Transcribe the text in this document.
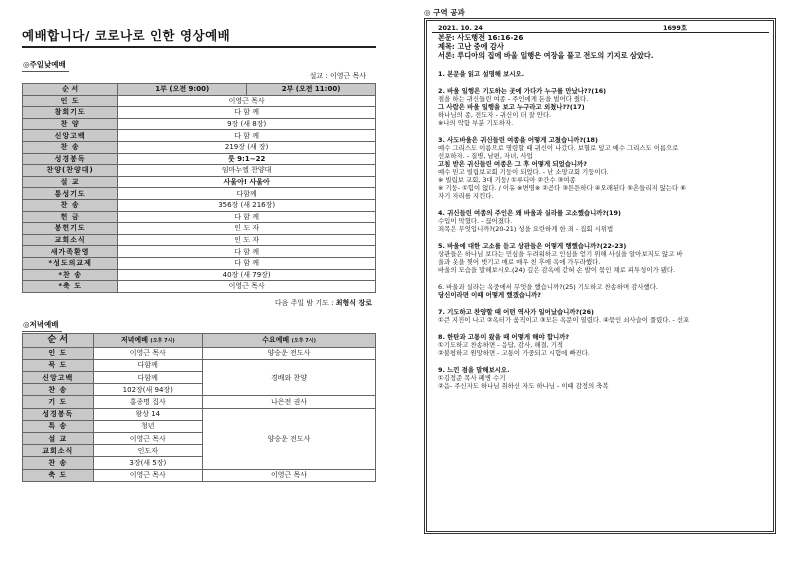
예배합니다/ 코로나로 인한 영상예배
◎주일낮예배
설교 : 이영근 목사
순 서	1부 (오전 9:00)	2부 (오전 11:00)
인 도	이영근 목사	
참회기도	다 함 께	
찬 양	9장 (새 8장)	
신앙고백	다 함 께	
찬 송	219장 (새 장)	
성경봉독	룻 9:1~22	
찬양(찬양대)	임마누엘 찬양대	
설 교	사울아! 사울아	
통성기도	다함께	
찬 송	356장 (새 216장)	
헌 금	다 함 께	
봉헌기도	인 도 자	
교회소식	인 도 자	
새가족환영	다 함 께	
*성도의교제	다 함 께	
*찬 송	40장 (새 79장)	
*축 도	이영근 목사	
다음 주일 밤 기도 : 최형식 장로
◎저녁예배
순 서	저녁예배 (오후 7시)	수요예배 (오후 7시)
인 도	이영근 목사	양승운 전도사
묵 도	다함께	경배와 찬양
신앙고백	다함께	
찬 송	102장(새 94장)	
기 도	홍종명 집사	나은전 권사
성경봉독	왕상 14	양승운 전도사
특 송	청년	
설 교	이영근 목사	
교회소식	인도자	
찬 송	3장(새 5장)	
축 도	이영근 목사	이영근 목사
◎ 구역 공과
2021. 10. 24	1699호
본문: 사도행전 16:16-26
제목: 고난 중에 감사
서론: 루디아의 집에 바울 일행은 여장을 풀고 전도의 기지로 삼았다.
1. 본문을 읽고 설명해 보시오.
2. 바울 일행은 기도하는 곳에 가다가 누구를 만났나??(16)
점을 하는 귀신들린 여종 - 주인에게 돈을 벌어다 줬다.
그 사람은 바울 일행을 보고 누구라고 외쳤나??(17)
하나님의 종, 전도자 - 귀신이 더 잘 안다.
※나의 악함 부분 기도하자.
3. 사도바울은 귀신들린 여종을 어떻게 고쳤습니까?(18)
예수 그리스도 이름으로 명령할 때 귀신이 나갔다. 보혈로 덮고 예수 그리스도 이름으로
선포하자. - 질병, 남편, 자녀, 사업
고침 받은 귀신들린 여종은 그 후 어떻게 되었습니까?
예수 믿고 빌립보교회 기둥이 되었다. - 난 소망교회 기둥이다.
※ 빌립보 교회, 3대 기둥/ ①루디아 ②간수 ③여종
※ 기둥- ①힘이 없다. / 이유 ※변명※ ②곧다 ③튼튼하다 ④오래된다 ⑤흔들리지 않는다 ⑥
자기 자리를 지킨다.
4. 귀신들린 여종의 주인은 왜 바울과 실라를 고소했습니까?(19)
수입이 막혔다. - 끊어졌다.
죄목은 무엇입니까?(20-21) 성을 요란하게 한 죄 - 집회 시위법
5. 바울에 대한 고소를 듣고 상관들은 어떻게 행했습니까?(22-23)
상관들은 하나님 보다는 민심을 두려워하고 인심을 얻기 위해 사실을 알아보지도 않고 바
울과 옷을 찢어 벗기고 매로 매우 친 후에 옥에 가두라했다.
바울의 모습을 말해보시오.(24) 깊은 감옥에 갇혀 손 발이 묶인 채로 피투성이가 됐다.
6. 바울과 실라는 옥중에서 무엇을 했습니까?(25) 기도하고 찬송하며 감사했다.
당신이라면 이때 어떻게 했겠습니까?
7. 기도하고 찬양할 때 어떤 역사가 일어났습니까?(26)
①큰 지진이 나고 ②옥터가 움직이고 ③모든 옥문이 열렸다. ④묶인 쇠사슬이 풀렸다. - 선포
8. 한탄과 고통이 왔을 때 어떻게 해야 합니까?
①기도하고 찬송하면 - 응답, 감사, 해결, 기적
②불평하고 원망하면 - 고통이 가중되고 시험에 빠진다.
9. 느낀 점을 말해보시오.
①김정준 목사 폐병 수기
②음- 주신자도 하나님 취하신 자도 하나님 - 이때 감정의 축복
